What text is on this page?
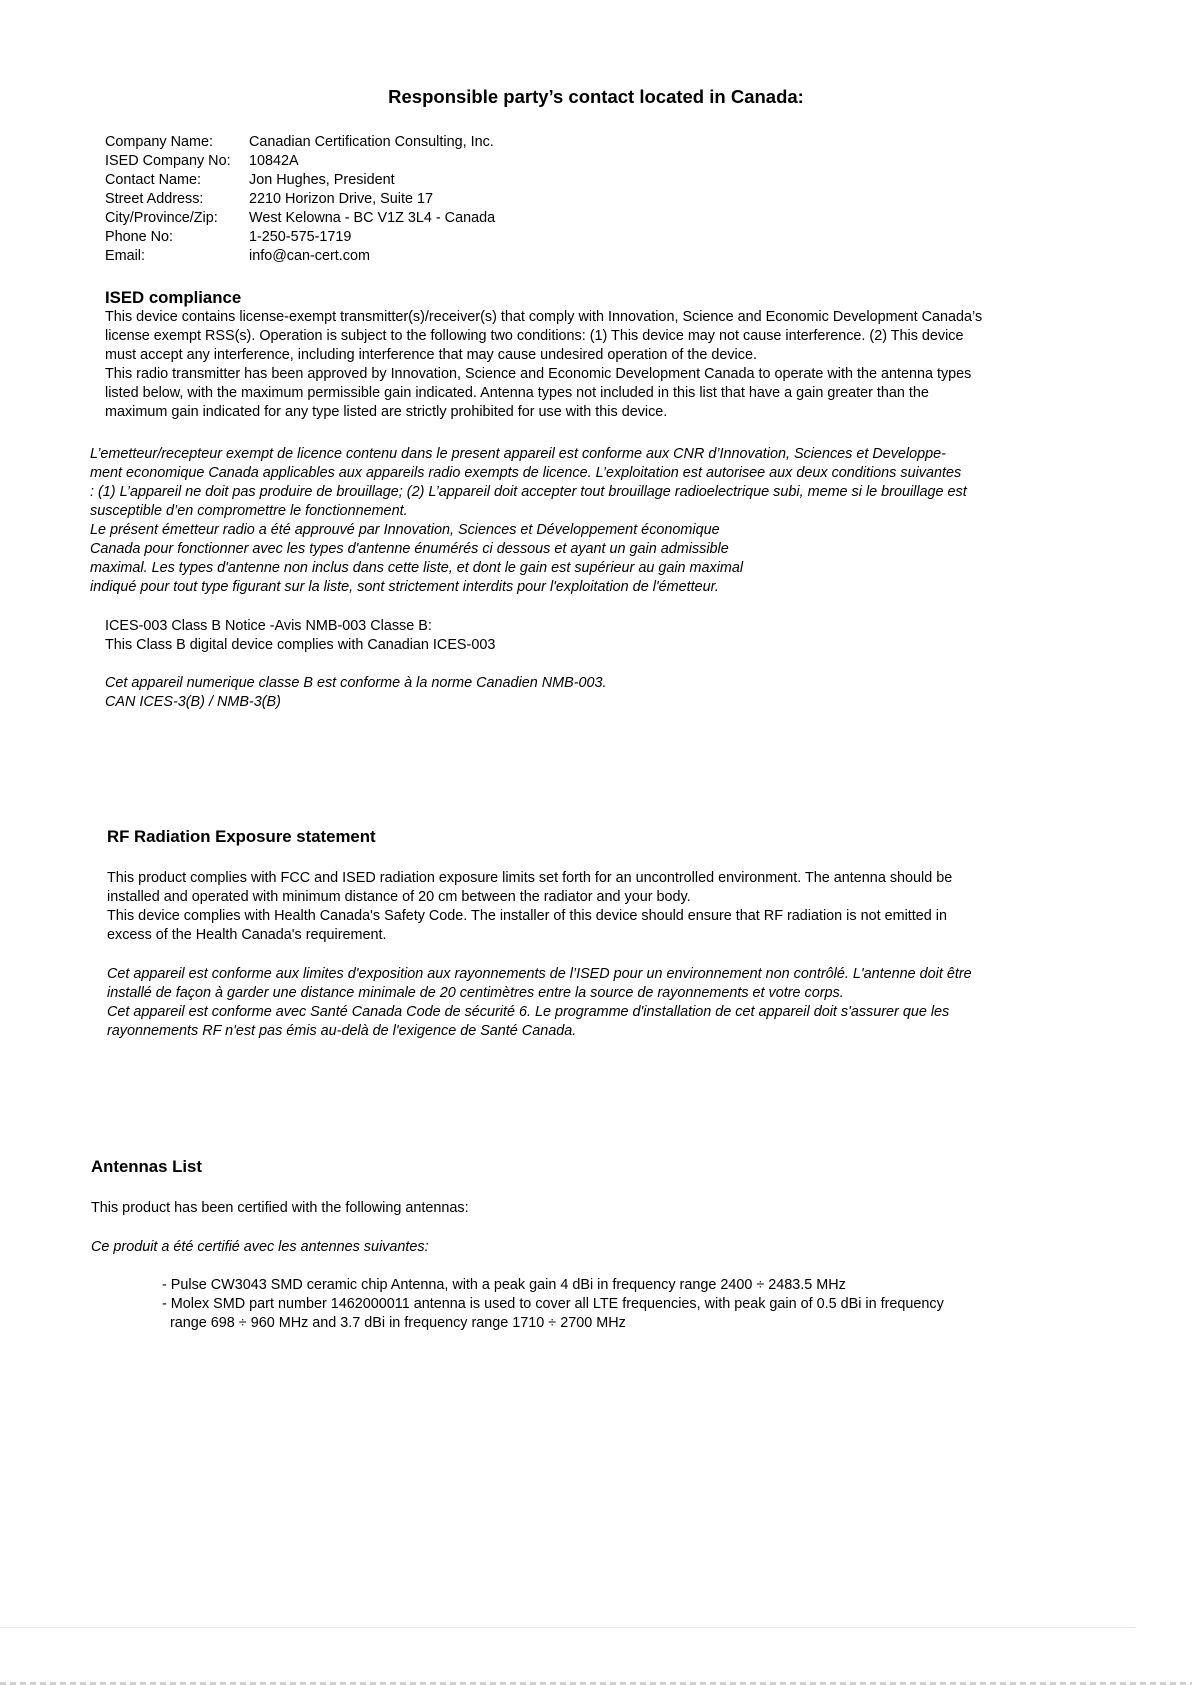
Responsible party’s contact located in Canada:
Company Name:	Canadian Certification Consulting, Inc.
ISED Company No: 10842A
Contact Name:	Jon Hughes, President
Street Address:	2210 Horizon Drive, Suite 17
City/Province/Zip: West Kelowna - BC V1Z 3L4 - Canada
Phone No:	1-250-575-1719
Email:	info@can-cert.com
ISED compliance
This device contains license-exempt transmitter(s)/receiver(s) that comply with Innovation, Science and Economic Development Canada’s
license exempt RSS(s). Operation is subject to the following two conditions: (1) This device may not cause interference. (2) This device
must accept any interference, including interference that may cause undesired operation of the device.
This radio transmitter has been approved by Innovation, Science and Economic Development Canada to operate with the antenna types
listed below, with the maximum permissible gain indicated. Antenna types not included in this list that have a gain greater than the
maximum gain indicated for any type listed are strictly prohibited for use with this device.
L’emetteur/recepteur exempt de licence contenu dans le present appareil est conforme aux CNR d’Innovation, Sciences et Developpe-
ment economique Canada applicables aux appareils radio exempts de licence. L’exploitation est autorisee aux deux conditions suivantes
: (1) L’appareil ne doit pas produire de brouillage; (2) L’appareil doit accepter tout brouillage radioelectrique subi, meme si le brouillage est
susceptible d’en compromettre le fonctionnement.
Le présent émetteur radio a été approuvé par Innovation, Sciences et Développement économique
Canada pour fonctionner avec les types d'antenne énumérés ci dessous et ayant un gain admissible
maximal. Les types d'antenne non inclus dans cette liste, et dont le gain est supérieur au gain maximal
indiqué pour tout type figurant sur la liste, sont strictement interdits pour l'exploitation de l'émetteur.
ICES-003 Class B Notice -Avis NMB-003 Classe B:
This Class B digital device complies with Canadian ICES-003
Cet appareil numerique classe B est conforme à la norme Canadien NMB-003.
CAN ICES-3(B) / NMB-3(B)
RF Radiation Exposure statement
This product complies with FCC and ISED radiation exposure limits set forth for an uncontrolled environment. The antenna should be
installed and operated with minimum distance of 20 cm between the radiator and your body.
This device complies with Health Canada's Safety Code. The installer of this device should ensure that RF radiation is not emitted in
excess of the Health Canada's requirement.
Cet appareil est conforme aux limites d'exposition aux rayonnements de l’ISED pour un environnement non contrôlé. L'antenne doit être
installé de façon à garder une distance minimale de 20 centimètres entre la source de rayonnements et votre corps.
Cet appareil est conforme avec Santé Canada Code de sécurité 6. Le programme d'installation de cet appareil doit s'assurer que les
rayonnements RF n'est pas émis au-delà de l'exigence de Santé Canada.
Antennas List
This product has been certified with the following antennas:
Ce produit a été certifié avec les antennes suivantes:
- Pulse CW3043 SMD ceramic chip Antenna, with a peak gain 4 dBi in frequency range 2400 ÷ 2483.5 MHz
- Molex SMD part number 1462000011 antenna is used to cover all LTE frequencies, with peak gain of 0.5 dBi in frequency
range 698 ÷ 960 MHz and 3.7 dBi in frequency range 1710 ÷ 2700 MHz
